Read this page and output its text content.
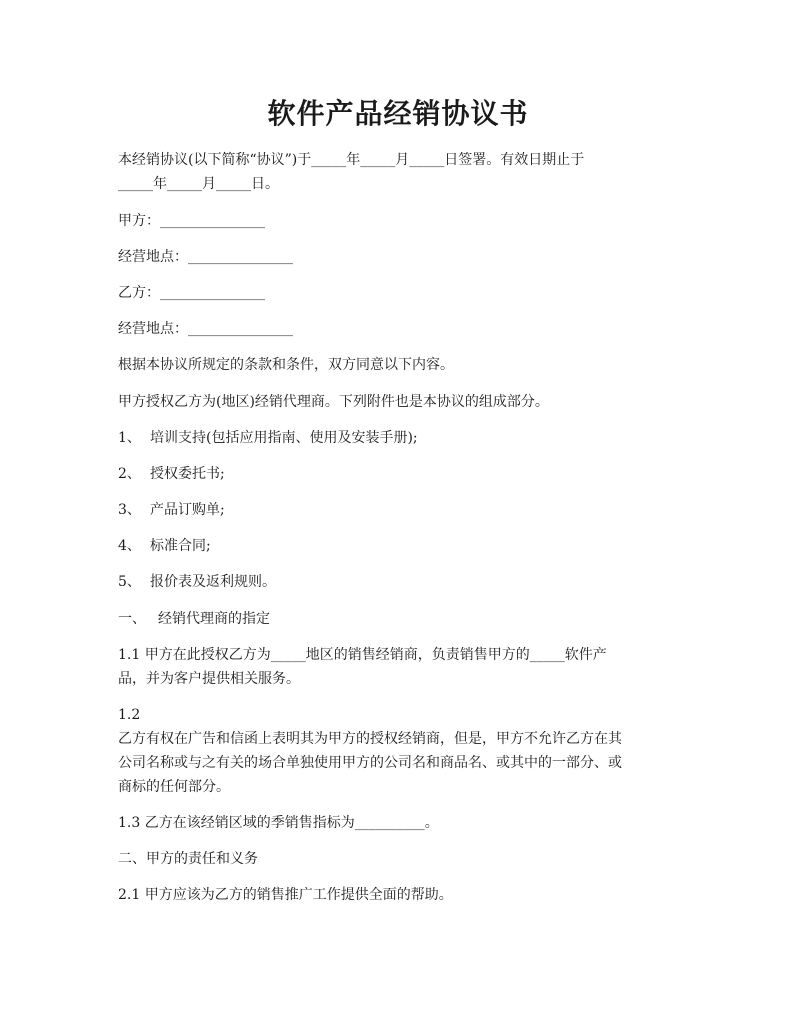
软件产品经销协议书

本经销协议(以下简称“协议”)于_____年_____月_____日签署。有效日期止于

_____年_____月_____日。

甲方：_______________

经营地点：_______________

乙方：_______________

经营地点：_______________

根据本协议所规定的条款和条件，双方同意以下内容。

甲方授权乙方为(地区)经销代理商。下列附件也是本协议的组成部分。

1、 培训支持(包括应用指南、使用及安装手册);

2、 授权委托书;

3、 产品订购单;

4、 标准合同;

5、 报价表及返利规则。

一、 经销代理商的指定

1.1 甲方在此授权乙方为_____地区的销售经销商，负责销售甲方的_____软件产

品，并为客户提供相关服务。

1.2

乙方有权在广告和信函上表明其为甲方的授权经销商，但是，甲方不允许乙方在其

公司名称或与之有关的场合单独使用甲方的公司名和商品名、或其中的一部分、或

商标的任何部分。

1.3 乙方在该经销区域的季销售指标为__________。

二、甲方的责任和义务

2.1 甲方应该为乙方的销售推广工作提供全面的帮助。
